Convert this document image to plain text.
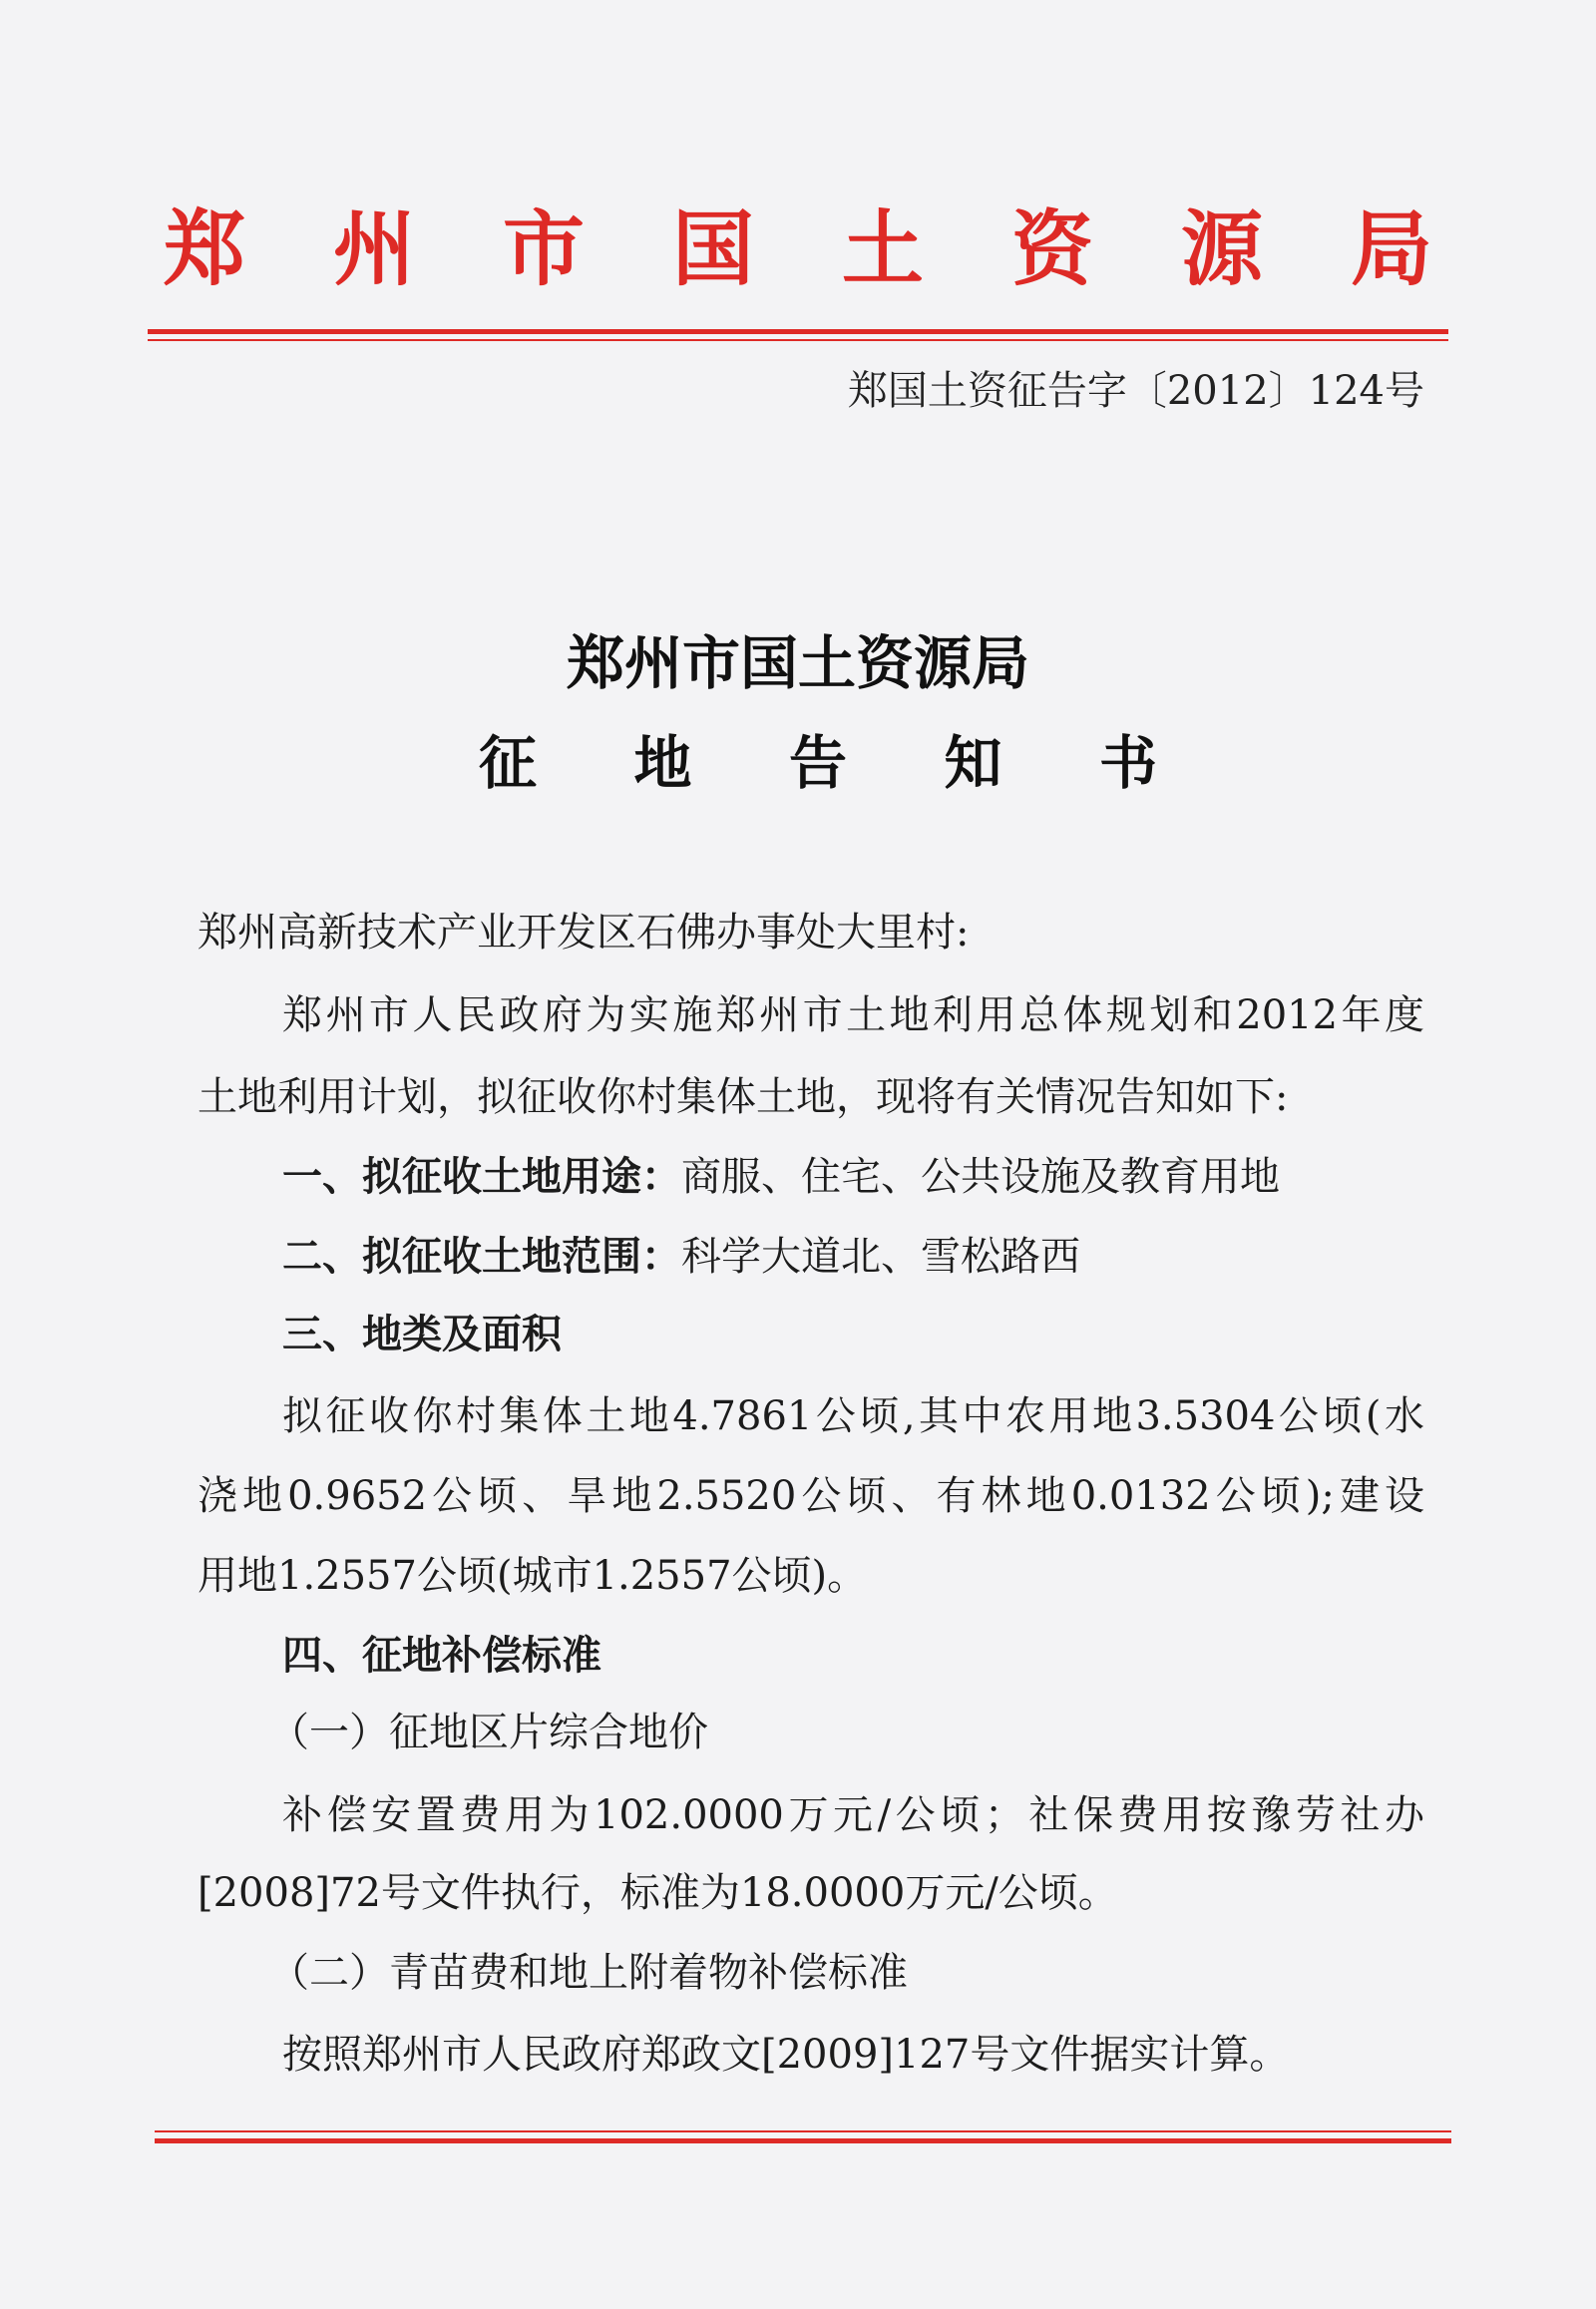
郑 州 市 国 土 资 源 局
郑国土资征告字〔2012〕124号
郑州市国土资源局
征 地 告 知 书
郑州高新技术产业开发区石佛办事处大里村:
郑州市人民政府为实施郑州市土地利用总体规划和2012年度
土地利用计划，拟征收你村集体土地，现将有关情况告知如下:
一、拟征收土地用途：商服、住宅、公共设施及教育用地
二、拟征收土地范围：科学大道北、雪松路西
三、地类及面积
拟征收你村集体土地4.7861公顷,其中农用地3.5304公顷(水
浇地0.9652公顷、旱地2.5520公顷、有林地0.0132公顷);建设
用地1.2557公顷(城市1.2557公顷)。
四、征地补偿标准
（一）征地区片综合地价
补偿安置费用为102.0000万元/公顷；社保费用按豫劳社办
[2008]72号文件执行，标准为18.0000万元/公顷。
（二）青苗费和地上附着物补偿标准
按照郑州市人民政府郑政文[2009]127号文件据实计算。
